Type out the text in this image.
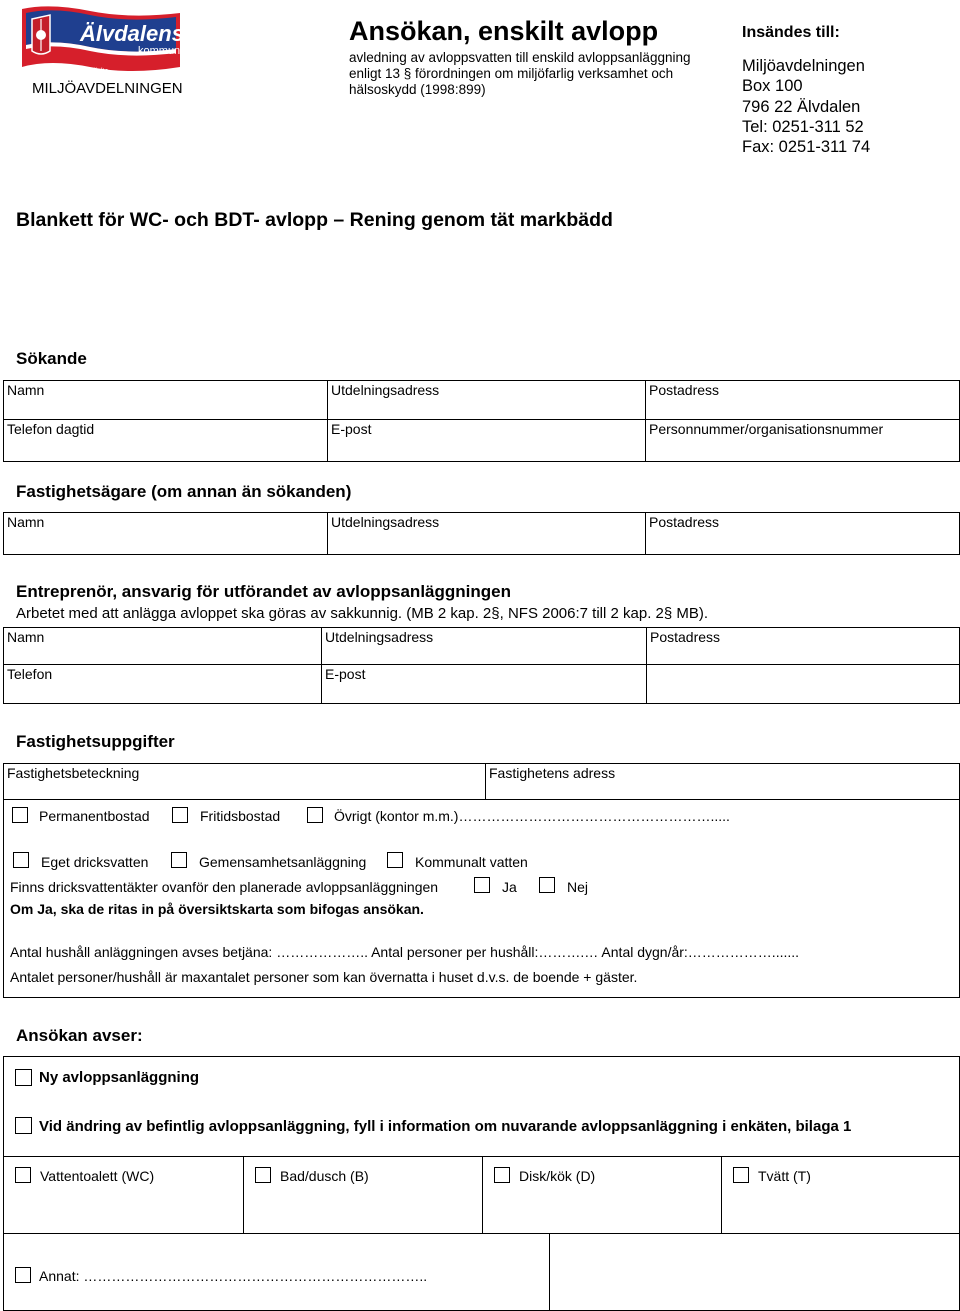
Älvdalens
kommun
Älvdaelien tjielte
MILJÖAVDELNINGEN
Ansökan, enskilt avlopp
avledning av avloppsvatten till enskild avloppsanläggning
enligt 13 § förordningen om miljöfarlig verksamhet och
hälsoskydd (1998:899)
Insändes till:
Miljöavdelningen
Box 100
796 22 Älvdalen
Tel: 0251-311 52
Fax: 0251-311 74
Blankett för WC- och BDT- avlopp – Rening genom tät markbädd
Sökande
Namn	Utdelningsadress	Postadress
Telefon dagtid	E-post	Personnummer/organisationsnummer
Fastighetsägare (om annan än sökanden)
Namn	Utdelningsadress	Postadress
Entreprenör, ansvarig för utförandet av avloppsanläggningen
Arbetet med att anlägga avloppet ska göras av sakkunnig. (MB 2 kap. 2§, NFS 2006:7 till 2 kap. 2§ MB).
Namn	Utdelningsadress	Postadress
Telefon	E-post
Fastighetsuppgifter
Fastighetsbeteckning	Fastighetens adress
Permanentbostad	Fritidsbostad	Övrigt (kontor m.m.)……………………………………………….....
Eget dricksvatten	Gemensamhetsanläggning	Kommunalt vatten
Finns dricksvattentäkter ovanför den planerade avloppsanläggningen	Ja	Nej
Om Ja, ska de ritas in på översiktskarta som bifogas ansökan.
Antal hushåll anläggningen avses betjäna: ……………….. Antal personer per hushåll:……….… Antal dygn/år:……………….......
Antalet personer/hushåll är maxantalet personer som kan övernatta i huset d.v.s. de boende + gäster.
Ansökan avser:
Ny avloppsanläggning
Vid ändring av befintlig avloppsanläggning, fyll i information om nuvarande avloppsanläggning i enkäten, bilaga 1
Vattentoalett (WC)	Bad/dusch (B)	Disk/kök (D)	Tvätt (T)
Annat: ………………………………………………………………..
